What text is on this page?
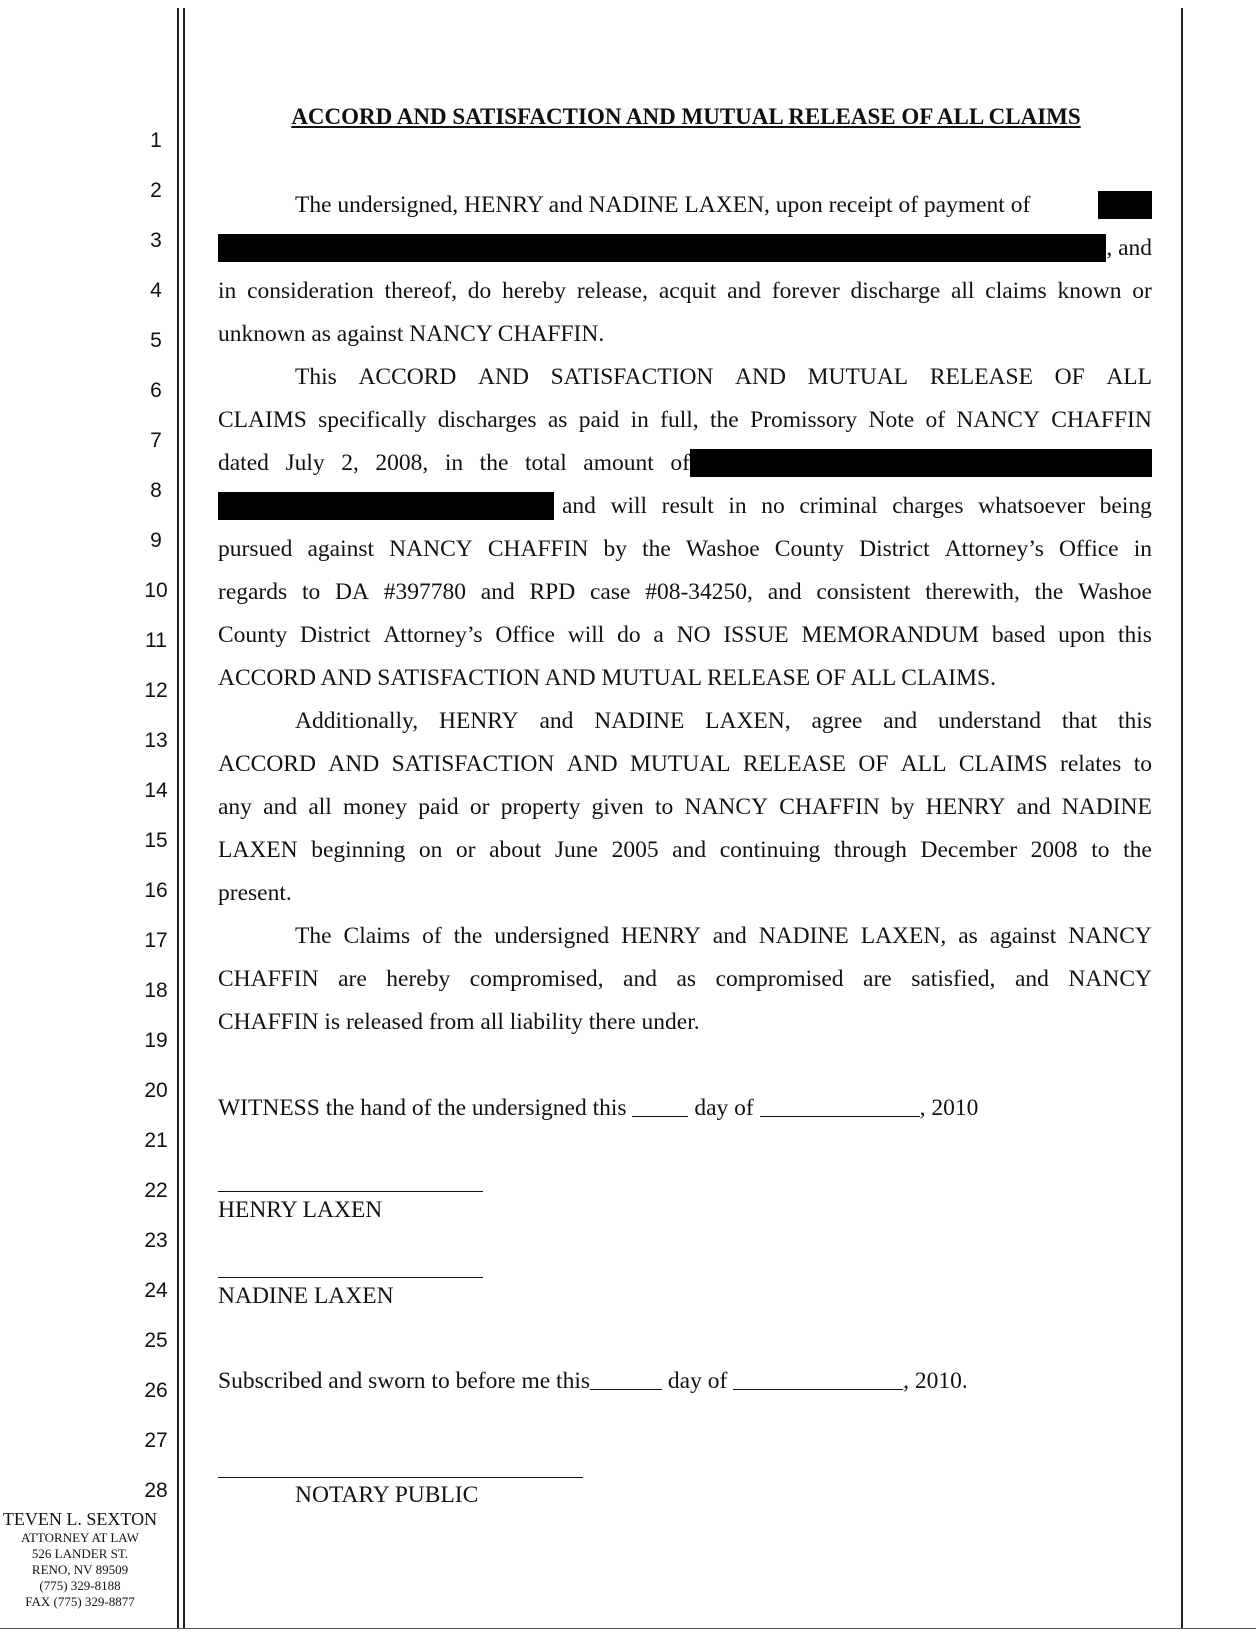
1
2
3
4
5
6
7
8
9
10
11
12
13
14
15
16
17
18
19
20
21
22
23
24
25
26
27
28
ACCORD AND SATISFACTION AND MUTUAL RELEASE OF ALL CLAIMS
The undersigned, HENRY and NADINE LAXEN, upon receipt of payment of
, and
in consideration thereof, do hereby release, acquit and forever discharge all claims known or
unknown as against NANCY CHAFFIN.
This ACCORD AND SATISFACTION AND MUTUAL RELEASE OF ALL
CLAIMS specifically discharges as paid in full, the Promissory Note of NANCY CHAFFIN
dated July 2, 2008, in the total amount of
and will result in no criminal charges whatsoever being
pursued against NANCY CHAFFIN by the Washoe County District Attorney’s Office in
regards to DA #397780 and RPD case #08-34250, and consistent therewith, the Washoe
County District Attorney’s Office will do a NO ISSUE MEMORANDUM based upon this
ACCORD AND SATISFACTION AND MUTUAL RELEASE OF ALL CLAIMS.
Additionally, HENRY and NADINE LAXEN, agree and understand that this
ACCORD AND SATISFACTION AND MUTUAL RELEASE OF ALL CLAIMS relates to
any and all money paid or property given to NANCY CHAFFIN by HENRY and NADINE
LAXEN beginning on or about June 2005 and continuing through December 2008 to the
present.
The Claims of the undersigned HENRY and NADINE LAXEN, as against NANCY
CHAFFIN are hereby compromised, and as compromised are satisfied, and NANCY
CHAFFIN is released from all liability there under.
WITNESS the hand of the undersigned this	day of	, 2010
HENRY LAXEN
NADINE LAXEN
Subscribed and sworn to before me this	day of	, 2010.
NOTARY PUBLIC
TEVEN L. SEXTON
ATTORNEY AT LAW
526 LANDER ST.
RENO, NV 89509
(775) 329-8188
FAX (775) 329-8877
